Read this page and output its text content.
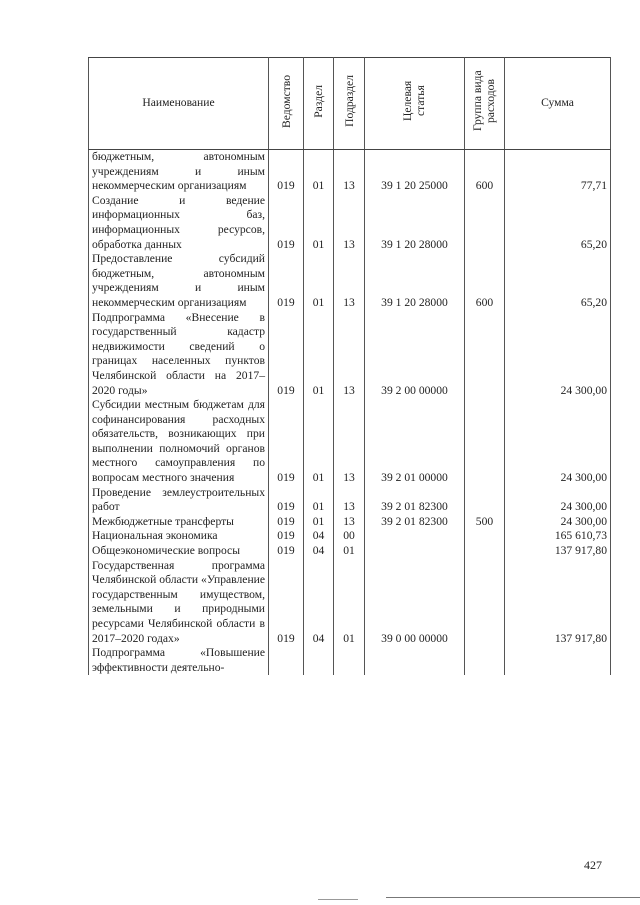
Наименование	Ведомство	Раздел	Подраздел	Целевая статья	Группа вида расходов	Сумма
бюджетным, автономным учреждениям и иным некоммерческим организациям	019	01	13	39 1 20 25000	600	77,71
Создание и ведение информационных баз, информационных ресурсов, обработка данных	019	01	13	39 1 20 28000		65,20
Предоставление субсидий бюджетным, автономным учреждениям и иным некоммерческим организациям	019	01	13	39 1 20 28000	600	65,20
Подпрограмма «Внесение в государственный кадастр недвижимости сведений о границах населенных пунктов Челябинской области на 2017–2020 годы»	019	01	13	39 2 00 00000		24 300,00
Субсидии местным бюджетам для софинансирования расходных обязательств, возникающих при выполнении полномочий органов местного самоуправления по вопросам местного значения	019	01	13	39 2 01 00000		24 300,00
Проведение землеустроительных работ	019	01	13	39 2 01 82300		24 300,00
Межбюджетные трансферты	019	01	13	39 2 01 82300	500	24 300,00
Национальная экономика	019	04	00			165 610,73
Общеэкономические вопросы	019	04	01			137 917,80
Государственная программа Челябинской области «Управление государственным имуществом, земельными и природными ресурсами Челябинской области в 2017–2020 годах»	019	04	01	39 0 00 00000		137 917,80
Подпрограмма «Повышение эффективности деятельно-						
427
